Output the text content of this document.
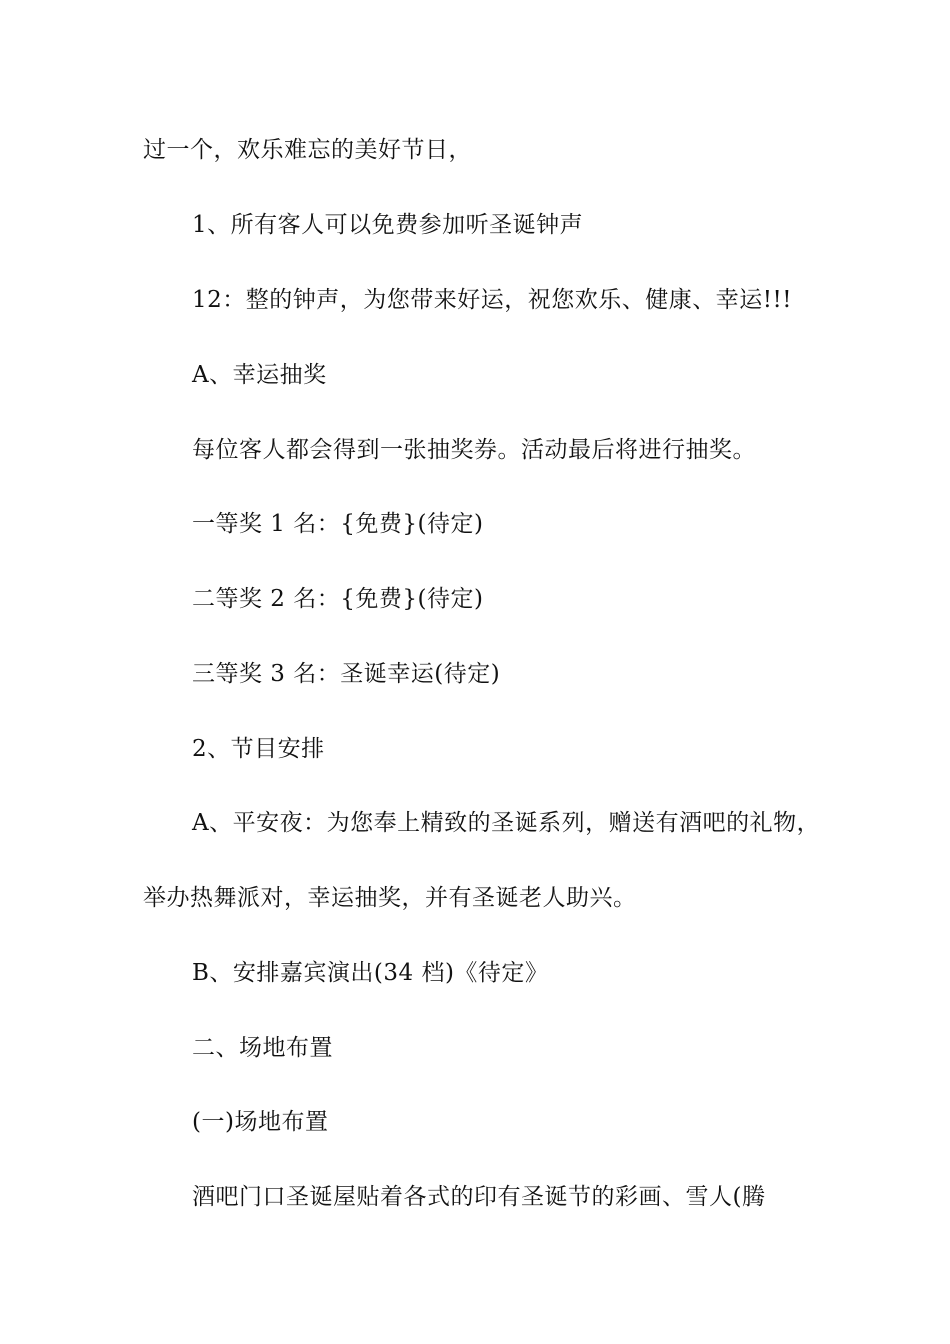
过一个，欢乐难忘的美好节日，
1、所有客人可以免费参加听圣诞钟声
12：整的钟声，为您带来好运，祝您欢乐、健康、幸运!!!
A、幸运抽奖
每位客人都会得到一张抽奖券。活动最后将进行抽奖。
一等奖 1 名：{免费}(待定)
二等奖 2 名：{免费}(待定)
三等奖 3 名：圣诞幸运(待定)
2、节目安排
A、平安夜：为您奉上精致的圣诞系列，赠送有酒吧的礼物，
举办热舞派对，幸运抽奖，并有圣诞老人助兴。
B、安排嘉宾演出(34 档)《待定》
二、场地布置
(一)场地布置
酒吧门口圣诞屋贴着各式的印有圣诞节的彩画、雪人(腾
